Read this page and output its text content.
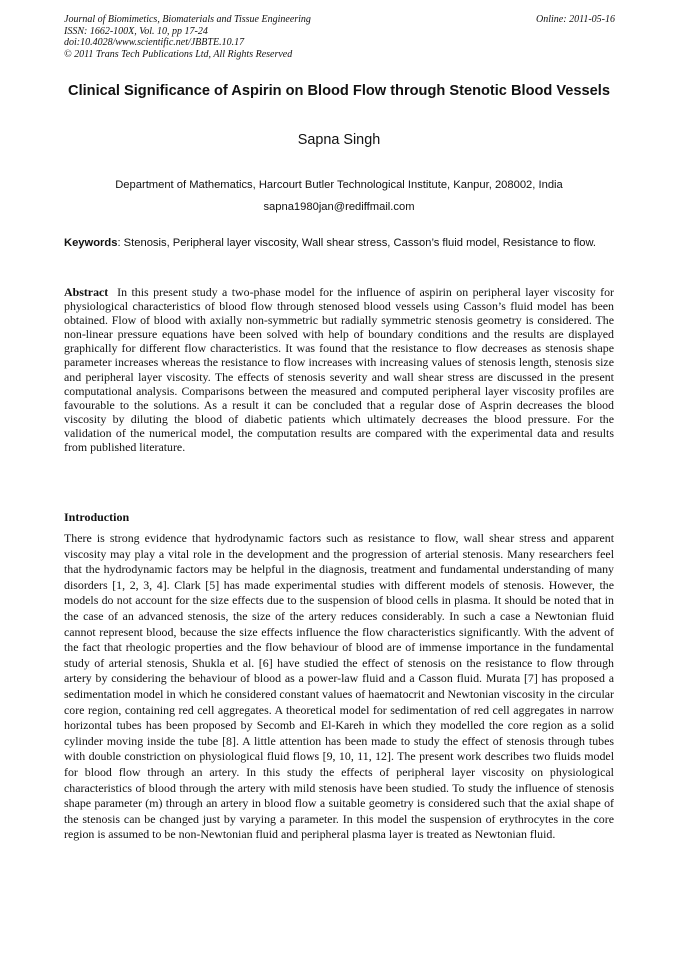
Journal of Biomimetics, Biomaterials and Tissue Engineering
ISSN: 1662-100X, Vol. 10, pp 17-24
doi:10.4028/www.scientific.net/JBBTE.10.17
© 2011 Trans Tech Publications Ltd, All Rights Reserved
Online: 2011-05-16
Clinical Significance of Aspirin on Blood Flow through Stenotic Blood Vessels
Sapna Singh
Department of Mathematics, Harcourt Butler Technological Institute, Kanpur, 208002, India
sapna1980jan@rediffmail.com
Keywords: Stenosis, Peripheral layer viscosity, Wall shear stress, Casson’s fluid model, Resistance to flow.
Abstract In this present study a two-phase model for the influence of aspirin on peripheral layer viscosity for physiological characteristics of blood flow through stenosed blood vessels using Casson’s fluid model has been obtained. Flow of blood with axially non-symmetric but radially symmetric stenosis geometry is considered. The non-linear pressure equations have been solved with help of boundary conditions and the results are displayed graphically for different flow characteristics. It was found that the resistance to flow decreases as stenosis shape parameter increases whereas the resistance to flow increases with increasing values of stenosis length, stenosis size and peripheral layer viscosity. The effects of stenosis severity and wall shear stress are discussed in the present computational analysis. Comparisons between the measured and computed peripheral layer viscosity profiles are favourable to the solutions. As a result it can be concluded that a regular dose of Asprin decreases the blood viscosity by diluting the blood of diabetic patients which ultimately decreases the blood pressure. For the validation of the numerical model, the computation results are compared with the experimental data and results from published literature.
Introduction
There is strong evidence that hydrodynamic factors such as resistance to flow, wall shear stress and apparent viscosity may play a vital role in the development and the progression of arterial stenosis. Many researchers feel that the hydrodynamic factors may be helpful in the diagnosis, treatment and fundamental understanding of many disorders [1, 2, 3, 4]. Clark [5] has made experimental studies with different models of stenosis. However, the models do not account for the size effects due to the suspension of blood cells in plasma. It should be noted that in the case of an advanced stenosis, the size of the artery reduces considerably. In such a case a Newtonian fluid cannot represent blood, because the size effects influence the flow characteristics significantly. With the advent of the fact that rheologic properties and the flow behaviour of blood are of immense importance in the fundamental study of arterial stenosis, Shukla et al. [6] have studied the effect of stenosis on the resistance to flow through artery by considering the behaviour of blood as a power-law fluid and a Casson fluid. Murata [7] has proposed a sedimentation model in which he considered constant values of haematocrit and Newtonian viscosity in the circular core region, containing red cell aggregates. A theoretical model for sedimentation of red cell aggregates in narrow horizontal tubes has been proposed by Secomb and El-Kareh in which they modelled the core region as a solid cylinder moving inside the tube [8]. A little attention has been made to study the effect of stenosis through tubes with double constriction on physiological fluid flows [9, 10, 11, 12]. The present work describes two fluids model for blood flow through an artery. In this study the effects of peripheral layer viscosity on physiological characteristics of blood through the artery with mild stenosis have been studied. To study the influence of stenosis shape parameter (m) through an artery in blood flow a suitable geometry is considered such that the axial shape of the stenosis can be changed just by varying a parameter. In this model the suspension of erythrocytes in the core region is assumed to be non-Newtonian fluid and peripheral plasma layer is treated as Newtonian fluid.
